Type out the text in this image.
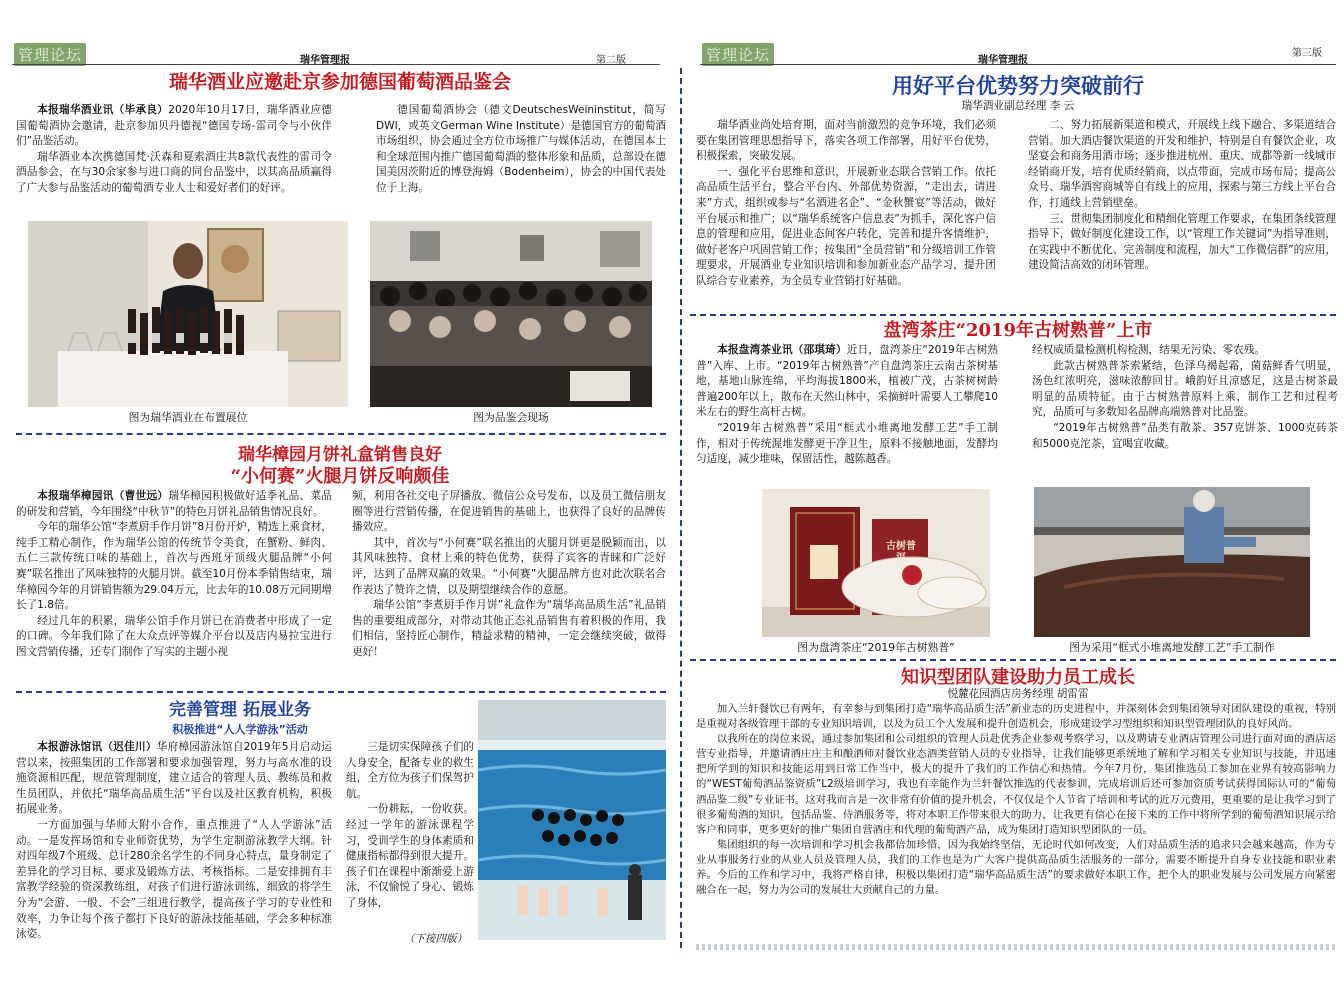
管理论坛	瑞华管理报	第二版	管理论坛	瑞华管理报
第三版
瑞华酒业应邀赴京参加德国葡萄酒品鉴会

本报瑞华酒业讯（毕承良）2020年10月17日，瑞华酒业应德国葡萄酒协会邀请，赴京参加贝丹德视“德国专场-雷司令与小伙伴们”品鉴活动。

瑞华酒业本次携德国梵·沃森和夏索酒庄共8款代表性的雷司令酒品参会，在与30余家参与进口商的同台品鉴中，以其高品质赢得了广大参与品鉴活动的葡萄酒专业人士和爱好者们的好评。

德国葡萄酒协会（德文DeutschesWeininstitut，简写DWI，或英文German Wine Institute）是德国官方的葡萄酒市场组织，协会通过全方位市场推广与媒体活动，在德国本土和全球范围内推广德国葡萄酒的整体形象和品质，总部设在德国美因茨附近的博登海姆（Bodenheim），协会的中国代表处位于上海。

图为瑞华酒业在布置展位	图为品鉴会现场
瑞华樟园月饼礼盒销售良好
“小何赛”火腿月饼反响颇佳

本报瑞华樟园讯（曹世远）瑞华樟园积极做好适季礼品、菜品的研发和营销，今年围绕“中秋节”的特色月饼礼品销售情况良好。

今年的瑞华公馆“李煮厨手作月饼”8月份开炉，精选上乘食材，纯手工精心制作，作为瑞华公馆的传统节令美食，在蟹粉、鲜肉、五仁三款传统口味的基础上，首次与西班牙顶级火腿品牌“小何赛”联名推出了风味独特的火腿月饼。截至10月份本季销售结束，瑞华樟园今年的月饼销售额为29.04万元，比去年的10.08万元同期增长了1.8倍。

经过几年的积累，瑞华公馆手作月饼已在消费者中形成了一定的口碑。今年我们除了在大众点评等媒介平台以及店内易拉宝进行图文营销传播，还专门制作了写实的主题小视

频，利用各社交电子屏播放、微信公众号发布，以及员工微信朋友圈等进行营销传播，在促进销售的基础上，也获得了良好的品牌传播效应。

其中，首次与“小何赛”联名推出的火腿月饼更是脱颖而出，以其风味独特、食材上乘的特色优势，获得了宾客的青睐和广泛好评，达到了品牌双赢的效果。“小何赛”火腿品牌方也对此次联名合作表达了赞许之情，以及期望继续合作的意愿。

瑞华公馆“李煮厨手作月饼”礼盒作为“瑞华高品质生活”礼品销售的重要组成部分，对带动其他正态礼品销售有着积极的作用，我们相信，坚持匠心制作，精益求精的精神，一定会继续突破，做得更好！

完善管理 拓展业务
积极推进“人人学游泳”活动

本报游泳馆讯（迟佳川）华府樟园游泳馆自2019年5月启动运营以来，按照集团的工作部署和要求加强管理，努力与高水准的设施资源相匹配，规范管理制度，建立适合的管理人员、教练员和救生员团队，并依托“瑞华高品质生活”平台以及社区教育机构，积极拓展业务。

一方面加强与华师大附小合作，重点推进了“人人学游泳”活动。一是发挥场馆和专业师资优势，为学生定制游泳教学大纲。针对四年级7个班级、总计280余名学生的不同身心特点，量身制定了差异化的学习目标、要求及锻炼方法、考核指标。二是安排拥有丰富教学经验的资深教练组，对孩子们进行游泳训练，细致的将学生分为“会游、一般、不会”三组进行教学，提高孩子学习的专业性和效率，力争让每个孩子都打下良好的游泳技能基础，学会多种标准泳姿。

三是切实保障孩子们的人身安全，配备专业的救生组，全方位为孩子们保驾护航。

一份耕耘，一份收获。经过一学年的游泳课程学习，受训学生的身体素质和健康指标都得到很大提升。孩子们在课程中渐渐爱上游泳，不仅愉悦了身心、锻炼了身体，

（下接四版）
用好平台优势努力突破前行
瑞华酒业副总经理 李 云

瑞华酒业尚处培育期，面对当前激烈的竞争环境，我们必须要在集团管理思想指导下，落实各项工作部署，用好平台优势，积极探索，突破发展。

一、强化平台思维和意识，开展新业态联合营销工作。依托高品质生活平台，整合平台内、外部优势资源，“走出去，请进来”方式，组织或参与“名酒进名企”、“金秋蟹宴”等活动，做好平台展示和推广；以“瑞华系统客户信息表”为抓手，深化客户信息的管理和应用，促进业态间客户转化，完善和提升客情维护，做好老客户巩固营销工作；按集团“全员营销”和分级培训工作管理要求，开展酒业专业知识培训和参加新业态产品学习，提升团队综合专业素养，为全员专业营销打好基础。

二、努力拓展新渠道和模式，开展线上线下融合、多渠道结合营销。加大酒店餐饮渠道的开发和维护，特别是自有餐饮企业，攻坚宴会和商务用酒市场；逐步推进杭州、重庆、成都等新一线城市经销商开发，培育优质经销商，以点带面，完成市场布局；提高公众号、瑞华酒窖商城等自有线上的应用，探索与第三方线上平台合作，打通线上营销壁垒。

三、贯彻集团制度化和精细化管理工作要求，在集团条线管理指导下，做好制度化建设工作，以“管理工作关键词”为指导准则，在实践中不断优化、完善制度和流程，加大“工作微信群”的应用，建设简洁高效的闭环管理。

盘湾茶庄“2019年古树熟普”上市

本报盘湾茶业讯（邵琪琦）近日，盘湾茶庄“2019年古树熟普”入库、上市。“2019年古树熟普”产自盘湾茶庄云南古茶树基地，基地山脉连绵，平均海拔1800米，植被广茂，古茶树树龄普遍200年以上，散布在天然山林中，采摘鲜叶需要人工攀爬10米左右的野生高杆古树。

“2019年古树熟普”采用“框式小堆离地发酵工艺”手工制作，相对于传统渥堆发酵更干净卫生，原料不接触地面，发酵均匀适度，减少堆味，保留活性，越陈越香。

经权威质量检测机构检测，结果无污染、零农残。

此款古树熟普茶索紧结，色泽乌褐起霜，菌菇鲜香气明显，汤色红浓明亮，滋味浓醇回甘。峨韵好且凉感足，这是古树茶最明显的品质特征。由于古树熟普原料上乘，制作工艺和过程考究，品质可与多数知名品牌高端熟普对比品鉴。

“2019年古树熟普”品类有散茶、357克饼茶、1000克砖茶和5000克沱茶，宜喝宜收藏。

古树普洱
图为盘湾茶庄“2019年古树熟普”	图为采用“框式小堆离地发酵工艺”手工制作
知识型团队建设助力员工成长
悦麓花园酒店房务经理 胡雷雷

加入兰轩餐饮已有两年，有幸参与到集团打造“瑞华高品质生活”新业态的历史进程中，并深刻体会到集团领导对团队建设的重视，特别是重视对各级管理干部的专业知识培训，以及为员工个人发展和提升创造机会，形成建设学习型组织和知识型管理团队的良好风尚。

以我所在的岗位来说，通过参加集团和公司组织的管理人员赴优秀企业参观考察学习，以及聘请专业酒店管理公司进行面对面的酒店运营专业指导，并邀请酒庄庄主和酿酒师对餐饮业态酒类营销人员的专业指导，让我们能够更系统地了解和学习相关专业知识与技能，并迅速把所学到的知识和技能运用到日常工作当中，极大的提升了我们的工作信心和热情。今年7月份，集团推选员工参加在业界有较高影响力的“WEST葡萄酒品鉴资质”L2级培训学习，我也有幸能作为兰轩餐饮推选的代表参训，完成培训后还可参加资质考试获得国际认可的“葡萄酒品鉴二级”专业证书。这对我而言是一次非常有价值的提升机会，不仅仅是个人节省了培训和考试的近万元费用，更重要的是让我学习到了很多葡萄酒的知识，包括品鉴、侍酒服务等，将对本职工作带来很大的助力，让我更有信心在接下来的工作中将所学到的葡萄酒知识展示给客户和同事，更多更好的推广集团自营酒庄和代理的葡萄酒产品，成为集团打造知识型团队的一员。

集团组织的每一次培训和学习机会我都倍加珍惜，因为我始终坚信，无论时代如何改变，人们对品质生活的追求只会越来越高，作为专业从事服务行业的从业人员及管理人员，我们的工作也是为广大客户提供高品质生活服务的一部分，需要不断提升自身专业技能和职业素养。今后的工作和学习中，我将严格自律，积极以集团打造“瑞华高品质生活”的要求做好本职工作，把个人的职业发展与公司发展方向紧密融合在一起，努力为公司的发展壮大贡献自己的力量。
